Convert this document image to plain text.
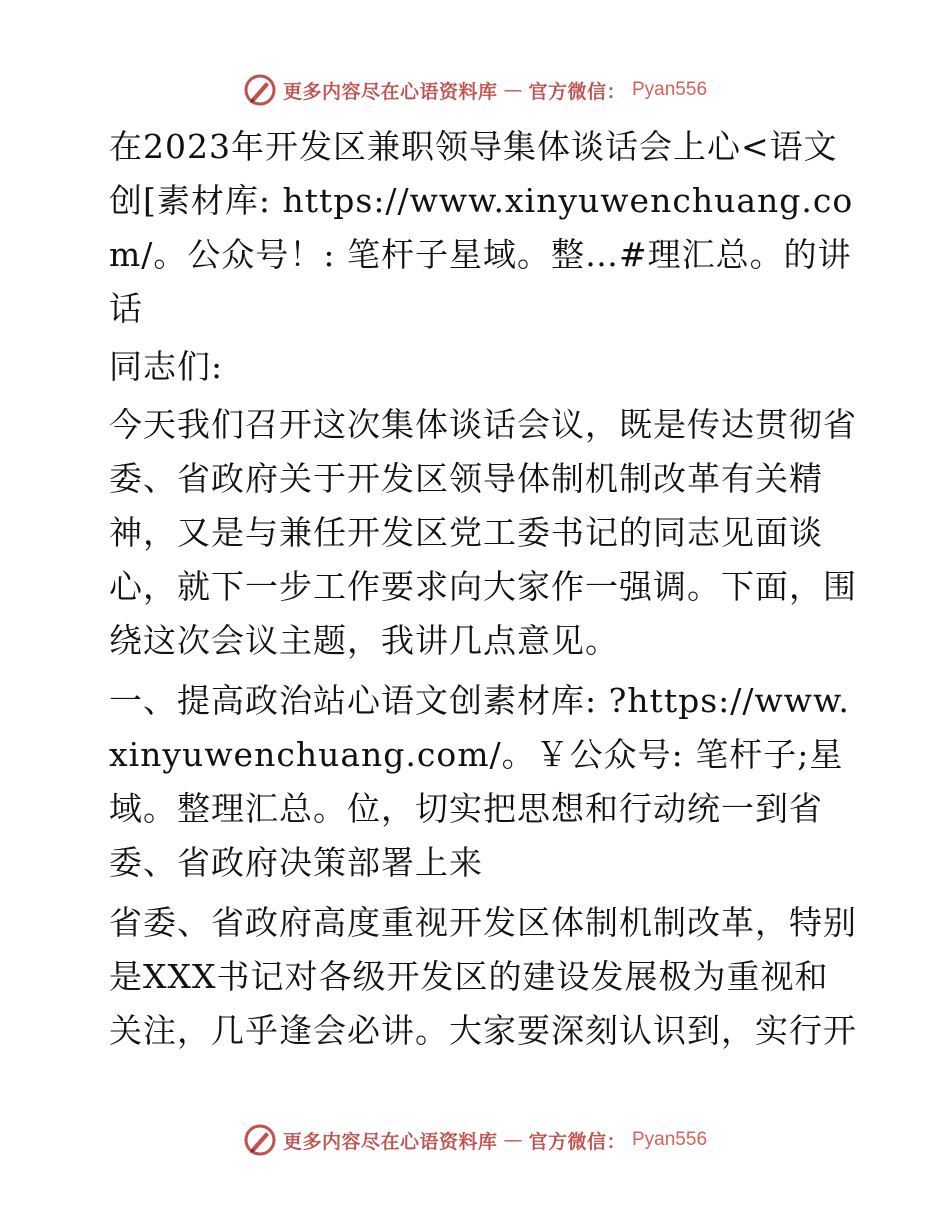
更多内容尽在心语资料库 — 官方微信： Pyan556

在2023年开发区兼职领导集体谈话会上心<语文创[素材库: https://www.xinyuwenchuang.com/。公众号！: 笔杆子星域。整…#理汇总。的讲话

同志们:

今天我们召开这次集体谈话会议，既是传达贯彻省委、省政府关于开发区领导体制机制改革有关精神，又是与兼任开发区党工委书记的同志见面谈心，就下一步工作要求向大家作一强调。下面，围绕这次会议主题，我讲几点意见。

一、提高政治站心语文创素材库: ?https://www.xinyuwenchuang.com/。￥公众号: 笔杆子;星域。整理汇总。位，切实把思想和行动统一到省委、省政府决策部署上来

省委、省政府高度重视开发区体制机制改革，特别是XXX书记对各级开发区的建设发展极为重视和关注，几乎逢会必讲。大家要深刻认识到，实行开

更多内容尽在心语资料库 — 官方微信： Pyan556
